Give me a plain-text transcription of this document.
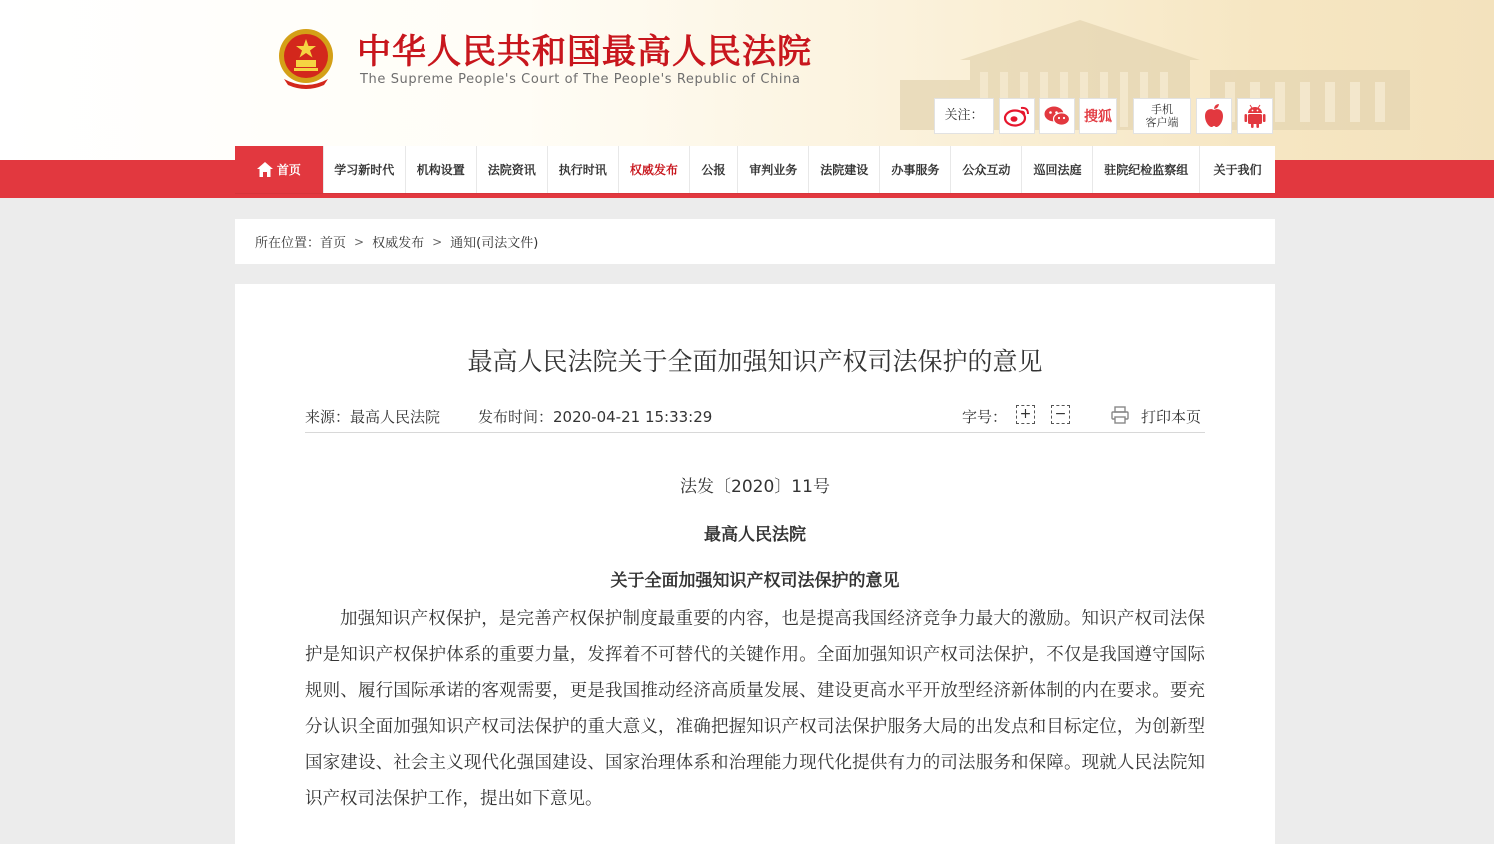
中华人民共和国最高人民法院
The Supreme People's Court of The People's Republic of China
关注：	搜狐	手机
客户端
首页	学习新时代	机构设置	法院资讯	执行时讯	权威发布	公报	审判业务	法院建设	办事服务	公众互动	巡回法庭	驻院纪检监察组	关于我们
所在位置：首页 > 权威发布 > 通知(司法文件)
最高人民法院关于全面加强知识产权司法保护的意见
来源：最高人民法院	发布时间：2020-04-21 15:33:29	字号： + −	打印本页
法发〔2020〕11号
最高人民法院
关于全面加强知识产权司法保护的意见

加强知识产权保护，是完善产权保护制度最重要的内容，也是提高我国经济竞争力最大的激励。知识产权司法保护是知识产权保护体系的重要力量，发挥着不可替代的关键作用。全面加强知识产权司法保护，不仅是我国遵守国际规则、履行国际承诺的客观需要，更是我国推动经济高质量发展、建设更高水平开放型经济新体制的内在要求。要充分认识全面加强知识产权司法保护的重大意义，准确把握知识产权司法保护服务大局的出发点和目标定位，为创新型国家建设、社会主义现代化强国建设、国家治理体系和治理能力现代化提供有力的司法服务和保障。现就人民法院知识产权司法保护工作，提出如下意见。
